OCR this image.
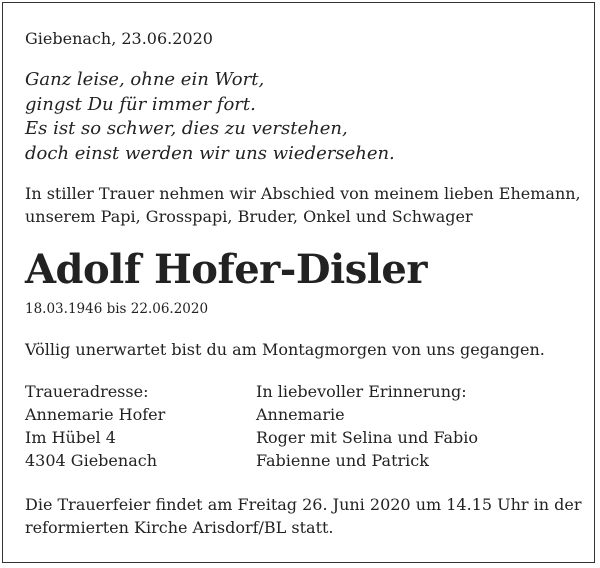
Giebenach, 23.06.2020
Ganz leise, ohne ein Wort,
gingst Du für immer fort.
Es ist so schwer, dies zu verstehen,
doch einst werden wir uns wiedersehen.
In stiller Trauer nehmen wir Abschied von meinem lieben Ehemann,
unserem Papi, Grosspapi, Bruder, Onkel und Schwager
Adolf Hofer-Disler
18.03.1946 bis 22.06.2020
Völlig unerwartet bist du am Montagmorgen von uns gegangen.
Traueradresse:
Annemarie Hofer
Im Hübel 4
4304 Giebenach
In liebevoller Erinnerung:
Annemarie
Roger mit Selina und Fabio
Fabienne und Patrick
Die Trauerfeier findet am Freitag 26. Juni 2020 um 14.15 Uhr in der
reformierten Kirche Arisdorf/BL statt.
